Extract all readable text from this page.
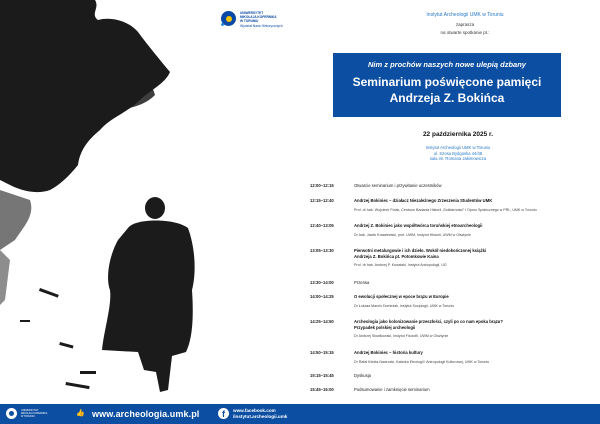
UNIWERSYTET
MIKOŁAJA KOPERNIKA
W TORUNIU
Wydział Nauk Historycznych
Instytut Archeologii UMK w Toruniu
zaprasza
na otwarte spotkanie pt.:
Nim z prochów naszych nowe ulepią dzbany
Seminarium poświęcone pamięci
Andrzeja Z. Bokińca
22 października 2025 r.
Instytut Archeologii UMK w Toruniu
ul. Szosa Bydgoska 44/48
sala im. Romana Jakimowicza
12:00–12:15	Otwarcie seminarium i przywitanie uczestników
12:15–12:40	Andrzej Bokiniec – działacz Niezależnego Zrzeszenia Studentów UMK
Prof. dr hab. Wojciech Polak, Centrum Badania Historii „Solidarności” i Oporu Społecznego w PRL, UMK w Toruniu
12:40–13:05	Andrzej Z. Bokiniec jako współtwórca toruńskiej etnoarcheologii
Dr hab. Jacek Kowalewski, prof. UWM, Instytut Historii, UWM w Olsztynie
13:05–13:30	Pierwotni metalurgowie i ich dzieło. Wokół niedokończonej książki
Andrzeja Z. Bokińca pt. Potomkowie Kaina
Prof. dr hab. Andrzej P. Kowalski, Instytut Antropologii, UG
13:30–14:00	Przerwa
14:00–14:25	O ewolucji społecznej w epoce brązu w Europie
Dr Łukasz Marcin Dominiak, Instytut Socjologii, UMK w Toruniu
14:25–14:50	Archeologia jako kolonizowanie przeszłości, czyli po co nam epoka brązu?
Przypadek polskiej archeologii
Dr Andrzej Słowikowski, Instytut Filozofii, UWM w Olsztynie
14:50–15:15	Andrzej Bokiniec – historia kultury
Dr Rafał Kleśta-Nawrocki, Katedra Etnologii i Antropologii Kulturowej, UMK w Toruniu
15:15–15:45	Dyskusja
15:45–16:00	Podsumowanie i zamknięcie seminarium
UNIWERSYTET
MIKOŁAJA KOPERNIKA
W TORUNIU	👍 www.archeologia.umk.pl	f	www.facebook.com
/instytut.archeologii.umk
